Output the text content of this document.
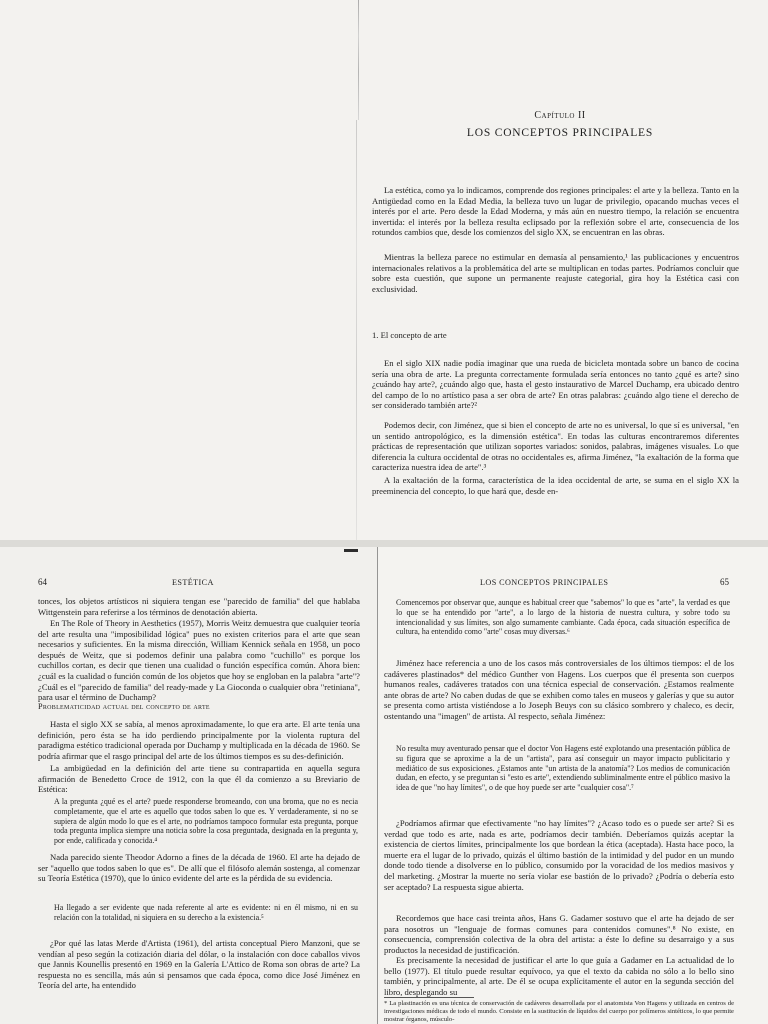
Capítulo II
LOS CONCEPTOS PRINCIPALES

La estética, como ya lo indicamos, comprende dos regiones principales: el arte y la belleza. Tanto en la Antigüedad como en la Edad Media, la belleza tuvo un lugar de privilegio, opacando muchas veces el interés por el arte. Pero desde la Edad Moderna, y más aún en nuestro tiempo, la relación se encuentra invertida: el interés por la belleza resulta eclipsado por la reflexión sobre el arte, consecuencia de los rotundos cambios que, desde los comienzos del siglo XX, se encuentran en las obras.

Mientras la belleza parece no estimular en demasía al pensamiento,¹ las publicaciones y encuentros internacionales relativos a la problemática del arte se multiplican en todas partes. Podríamos concluir que sobre esta cuestión, que supone un permanente reajuste categorial, gira hoy la Estética casi con exclusividad.

1. El concepto de arte

En el siglo XIX nadie podía imaginar que una rueda de bicicleta montada sobre un banco de cocina sería una obra de arte. La pregunta correctamente formulada sería entonces no tanto ¿qué es arte? sino ¿cuándo hay arte?, ¿cuándo algo que, hasta el gesto instaurativo de Marcel Duchamp, era ubicado dentro del campo de lo no artístico pasa a ser obra de arte? En otras palabras: ¿cuándo algo tiene el derecho de ser considerado también arte?²

Podemos decir, con Jiménez, que si bien el concepto de arte no es universal, lo que sí es universal, "en un sentido antropológico, es la dimensión estética". En todas las culturas encontraremos diferentes prácticas de representación que utilizan soportes variados: sonidos, palabras, imágenes visuales. Lo que diferencia la cultura occidental de otras no occidentales es, afirma Jiménez, "la exaltación de la forma que caracteriza nuestra idea de arte".³

A la exaltación de la forma, característica de la idea occidental de arte, se suma en el siglo XX la preeminencia del concepto, lo que hará que, desde en-

64	ESTÉTICA

tonces, los objetos artísticos ni siquiera tengan ese "parecido de familia" del que hablaba Wittgenstein para referirse a los términos de denotación abierta.

En The Role of Theory in Aesthetics (1957), Morris Weitz demuestra que cualquier teoría del arte resulta una "imposibilidad lógica" pues no existen criterios para el arte que sean necesarios y suficientes. En la misma dirección, William Kennick señala en 1958, un poco después de Weitz, que si podemos definir una palabra como "cuchillo" es porque los cuchillos cortan, es decir que tienen una cualidad o función específica común. Ahora bien: ¿cuál es la cualidad o función común de los objetos que hoy se engloban en la palabra "arte"? ¿Cuál es el "parecido de familia" del ready-made y La Gioconda o cualquier obra "retiniana", para usar el término de Duchamp?

Problematicidad actual del concepto de arte

Hasta el siglo XX se sabía, al menos aproximadamente, lo que era arte. El arte tenía una definición, pero ésta se ha ido perdiendo principalmente por la violenta ruptura del paradigma estético tradicional operada por Duchamp y multiplicada en la década de 1960. Se podría afirmar que el rasgo principal del arte de los últimos tiempos es su des-definición.

La ambigüedad en la definición del arte tiene su contrapartida en aquella segura afirmación de Benedetto Croce de 1912, con la que él da comienzo a su Breviario de Estética:

A la pregunta ¿qué es el arte? puede responderse bromeando, con una broma, que no es necia completamente, que el arte es aquello que todos saben lo que es. Y verdaderamente, si no se supiera de algún modo lo que es el arte, no podríamos tampoco formular esta pregunta, porque toda pregunta implica siempre una noticia sobre la cosa preguntada, designada en la pregunta y, por ende, calificada y conocida.⁴

Nada parecido siente Theodor Adorno a fines de la década de 1960. El arte ha dejado de ser "aquello que todos saben lo que es". De allí que el filósofo alemán sostenga, al comenzar su Teoría Estética (1970), que lo único evidente del arte es la pérdida de su evidencia.

Ha llegado a ser evidente que nada referente al arte es evidente: ni en él mismo, ni en su relación con la totalidad, ni siquiera en su derecho a la existencia.⁵

¿Por qué las latas Merde d'Artista (1961), del artista conceptual Piero Manzoni, que se vendían al peso según la cotización diaria del dólar, o la instalación con doce caballos vivos que Jannis Kounellis presentó en 1969 en la Galería L'Attico de Roma son obras de arte? La respuesta no es sencilla, más aún si pensamos que cada época, como dice José Jiménez en Teoría del arte, ha entendido

LOS CONCEPTOS PRINCIPALES	65

Comencemos por observar que, aunque es habitual creer que "sabemos" lo que es "arte", la verdad es que lo que se ha entendido por "arte", a lo largo de la historia de nuestra cultura, y sobre todo su intencionalidad y sus límites, son algo sumamente cambiante. Cada época, cada situación específica de cultura, ha entendido como "arte" cosas muy diversas.⁶

Jiménez hace referencia a uno de los casos más controversiales de los últimos tiempos: el de los cadáveres plastinados* del médico Gunther von Hagens. Los cuerpos que él presenta son cuerpos humanos reales, cadáveres tratados con una técnica especial de conservación. ¿Estamos realmente ante obras de arte? No caben dudas de que se exhiben como tales en museos y galerías y que su autor se presenta como artista vistiéndose a lo Joseph Beuys con su clásico sombrero y chaleco, es decir, ostentando una "imagen" de artista. Al respecto, señala Jiménez:

No resulta muy aventurado pensar que el doctor Von Hagens esté explotando una presentación pública de su figura que se aproxime a la de un "artista", para así conseguir un mayor impacto publicitario y mediático de sus exposiciones. ¿Estamos ante "un artista de la anatomía"? Los medios de comunicación dudan, en efecto, y se preguntan si "esto es arte", extendiendo subliminalmente entre el público masivo la idea de que "no hay límites", o de que hoy puede ser arte "cualquier cosa".⁷

¿Podríamos afirmar que efectivamente "no hay límites"? ¿Acaso todo es o puede ser arte? Si es verdad que todo es arte, nada es arte, podríamos decir también. Deberíamos quizás aceptar la existencia de ciertos límites, principalmente los que bordean la ética (aceptada). Hasta hace poco, la muerte era el lugar de lo privado, quizás el último bastión de la intimidad y del pudor en un mundo donde todo tiende a disolverse en lo público, consumido por la voracidad de los medios masivos y del marketing. ¿Mostrar la muerte no sería violar ese bastión de lo privado? ¿Podría o debería esto ser aceptado? La respuesta sigue abierta.

Recordemos que hace casi treinta años, Hans G. Gadamer sostuvo que el arte ha dejado de ser para nosotros un "lenguaje de formas comunes para contenidos comunes".⁸ No existe, en consecuencia, comprensión colectiva de la obra del artista: a éste lo define su desarraigo y a sus productos la necesidad de justificación.

Es precisamente la necesidad de justificar el arte lo que guía a Gadamer en La actualidad de lo bello (1977). El título puede resultar equívoco, ya que el texto da cabida no sólo a lo bello sino también, y principalmente, al arte. De él se ocupa explícitamente el autor en la segunda sección del libro, desplegando su

* La plastinación es una técnica de conservación de cadáveres desarrollada por el anatomista Von Hagens y utilizada en centros de investigaciones médicas de todo el mundo. Consiste en la sustitución de líquidos del cuerpo por polímeros sintéticos, lo que permite mostrar órganos, músculo-
